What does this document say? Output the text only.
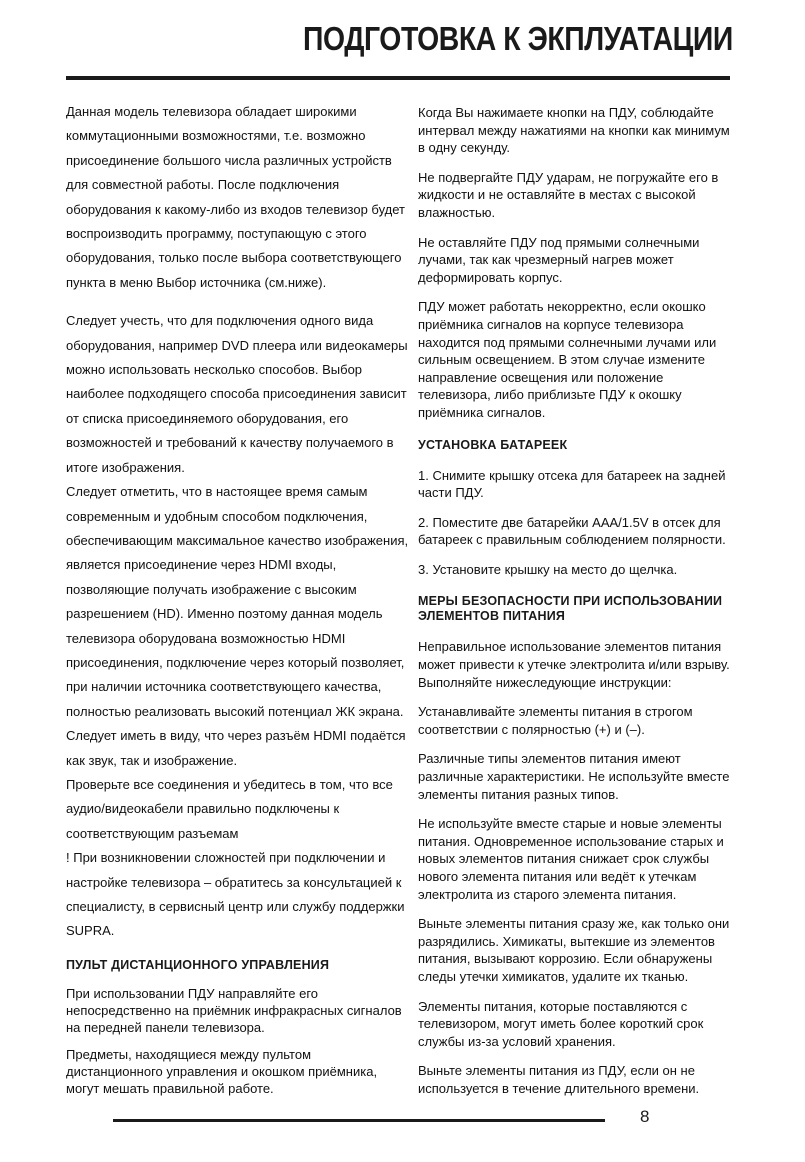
ПОДГОТОВКА К ЭКПЛУАТАЦИИ

Данная модель телевизора обладает широкими коммутационными возможностями, т.е. возможно присоединение большого числа различных устройств для совместной работы. После подключения оборудования к какому-либо из входов телевизор будет воспроизводить программу, поступающую с этого оборудования, только после выбора соответствующего пункта в меню Выбор источника (см.ниже).

Следует учесть, что для подключения одного вида оборудования, например DVD плеера или видеокамеры можно использовать несколько способов. Выбор наиболее подходящего способа присоединения зависит от списка присоединяемого оборудования, его возможностей и требований к качеству получаемого в итоге изображения.

Следует отметить, что в настоящее время самым современным и удобным способом подключения, обеспечивающим максимальное качество изображения, является присоединение через HDMI входы, позволяющие получать изображение с высоким разрешением (HD). Именно поэтому данная модель телевизора оборудована возможностью HDMI присоединения, подключение через который позволяет, при наличии источника соответствующего качества, полностью реализовать высокий потенциал ЖК экрана. Следует иметь в виду, что через разъём HDMI подаётся как звук, так и изображение.

Проверьте все соединения и убедитесь в том, что все аудио/видеокабели правильно подключены к соответствующим разъемам

! При возникновении сложностей при подключении и настройке телевизора – обратитесь за консультацией к специалисту, в сервисный центр или службу поддержки SUPRA.

ПУЛЬТ ДИСТАНЦИОННОГО УПРАВЛЕНИЯ

При использовании ПДУ направляйте его непосредственно на приёмник инфракрасных сигналов на передней панели телевизора.

Предметы, находящиеся между пультом дистанционного управления и окошком приёмника, могут мешать правильной работе.

Когда Вы нажимаете кнопки на ПДУ, соблюдайте интервал между нажатиями на кнопки как минимум в одну секунду.

Не подвергайте ПДУ ударам, не погружайте его в жидкости и не оставляйте в местах с высокой влажностью.

Не оставляйте ПДУ под прямыми солнечными лучами, так как чрезмерный нагрев может деформировать корпус.

ПДУ может работать некорректно, если окошко приёмника сигналов на корпусе телевизора находится под прямыми солнечными лучами или сильным освещением. В этом случае измените направление освещения или положение телевизора, либо приблизьте ПДУ к окошку приёмника сигналов.

УСТАНОВКА БАТАРЕЕК

1. Снимите крышку отсека для батареек на задней части ПДУ.

2. Поместите две батарейки AAA/1.5V в отсек для батареек с правильным соблюдением полярности.

3. Установите крышку на место до щелчка.

МЕРЫ БЕЗОПАСНОСТИ ПРИ ИСПОЛЬЗОВАНИИ ЭЛЕМЕНТОВ ПИТАНИЯ

Неправильное использование элементов питания может привести к утечке электролита и/или взрыву. Выполняйте нижеследующие инструкции:

Устанавливайте элементы питания в строгом соответствии с полярностью (+) и (–).

Различные типы элементов питания имеют различные характеристики. Не используйте вместе элементы питания разных типов.

Не используйте вместе старые и новые элементы питания. Одновременное использование старых и новых элементов питания снижает срок службы нового элемента питания или ведёт к утечкам электролита из старого элемента питания.

Выньте элементы питания сразу же, как только они разрядились. Химикаты, вытекшие из элементов питания, вызывают коррозию. Если обнаружены следы утечки химикатов, удалите их тканью.

Элементы питания, которые поставляются с телевизором, могут иметь более короткий срок службы из-за условий хранения.

Выньте элементы питания из ПДУ, если он не используется в течение длительного времени.

8
